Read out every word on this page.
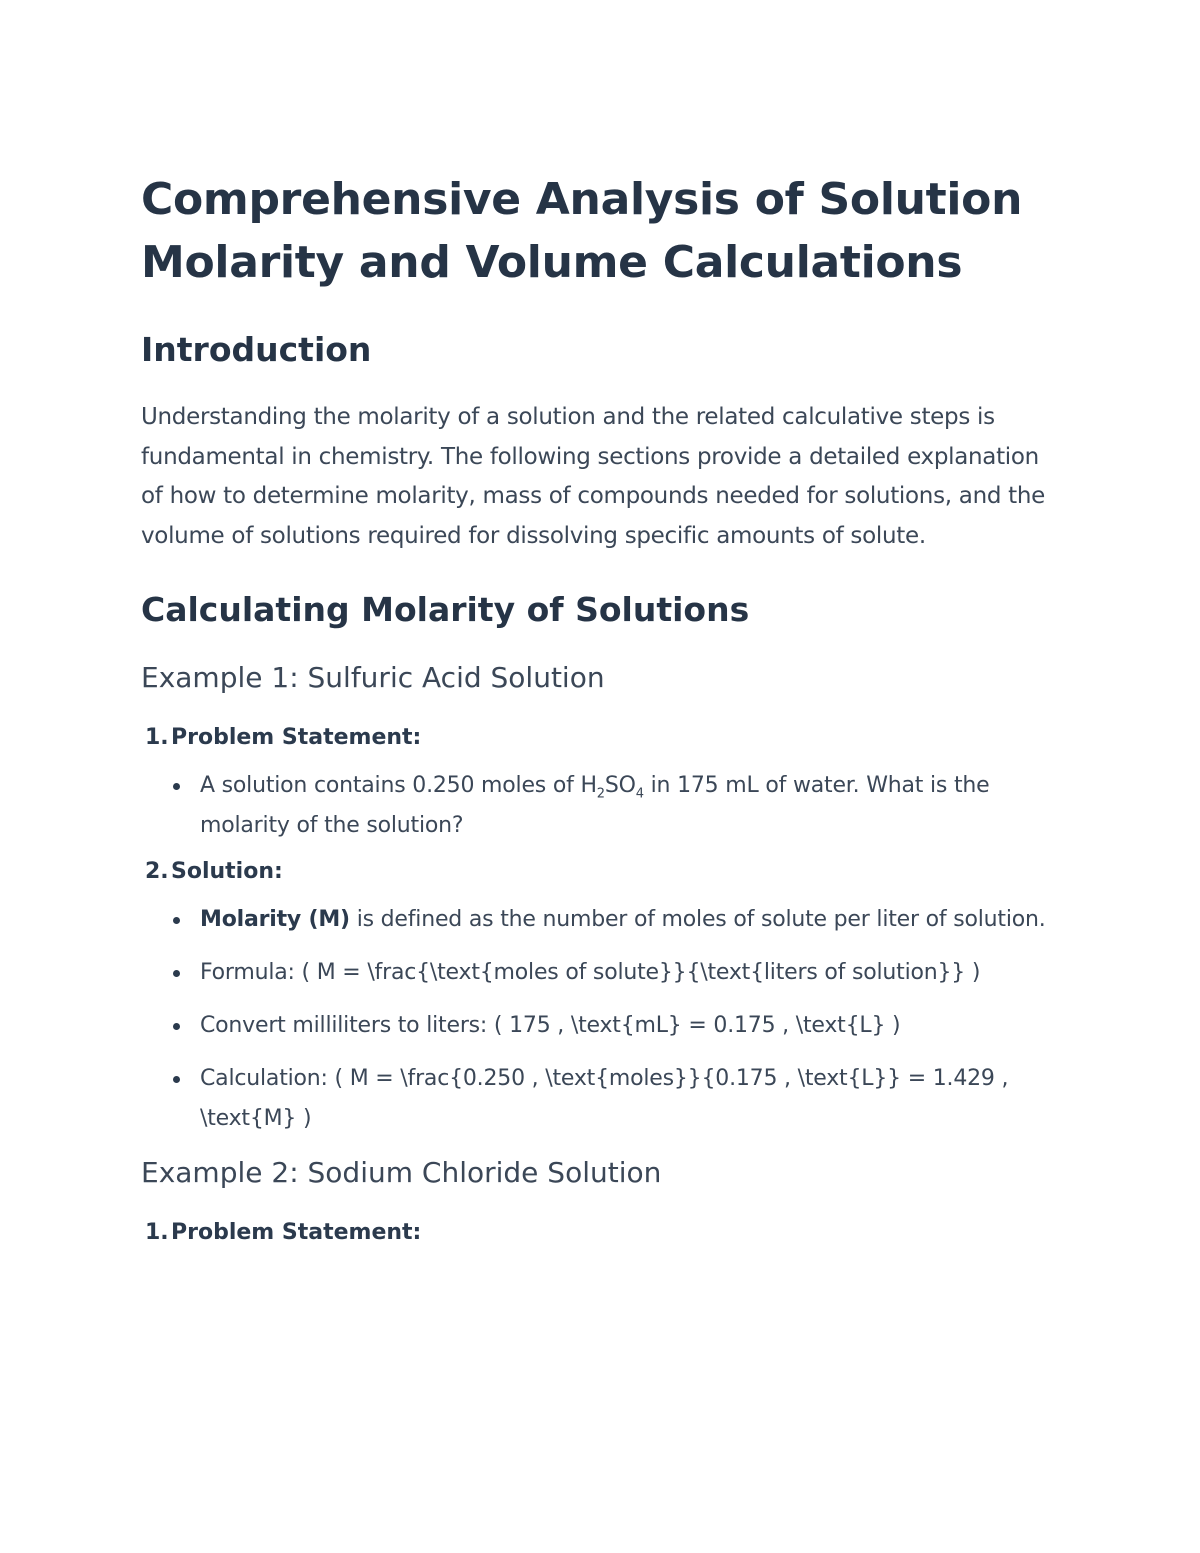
Comprehensive Analysis of Solution Molarity and Volume Calculations
Introduction

Understanding the molarity of a solution and the related calculative steps is fundamental in chemistry. The following sections provide a detailed explanation of how to determine molarity, mass of compounds needed for solutions, and the volume of solutions required for dissolving specific amounts of solute.

Calculating Molarity of Solutions
Example 1: Sulfuric Acid Solution
1. Problem Statement:
A solution contains 0.250 moles of $H_2SO_4$ in 175 mL of water. What is the molarity of the solution?
2. Solution:
Molarity (M) is defined as the number of moles of solute per liter of solution.
Formula: ( M = \frac{\text{moles of solute}}{\text{liters of solution}} )
Convert milliliters to liters: ( 175 , \text{mL} = 0.175 , \text{L} )
Calculation: ( M = \frac{0.250 , \text{moles}}{0.175 , \text{L}} = 1.429 , \text{M} )
Example 2: Sodium Chloride Solution
1. Problem Statement:
